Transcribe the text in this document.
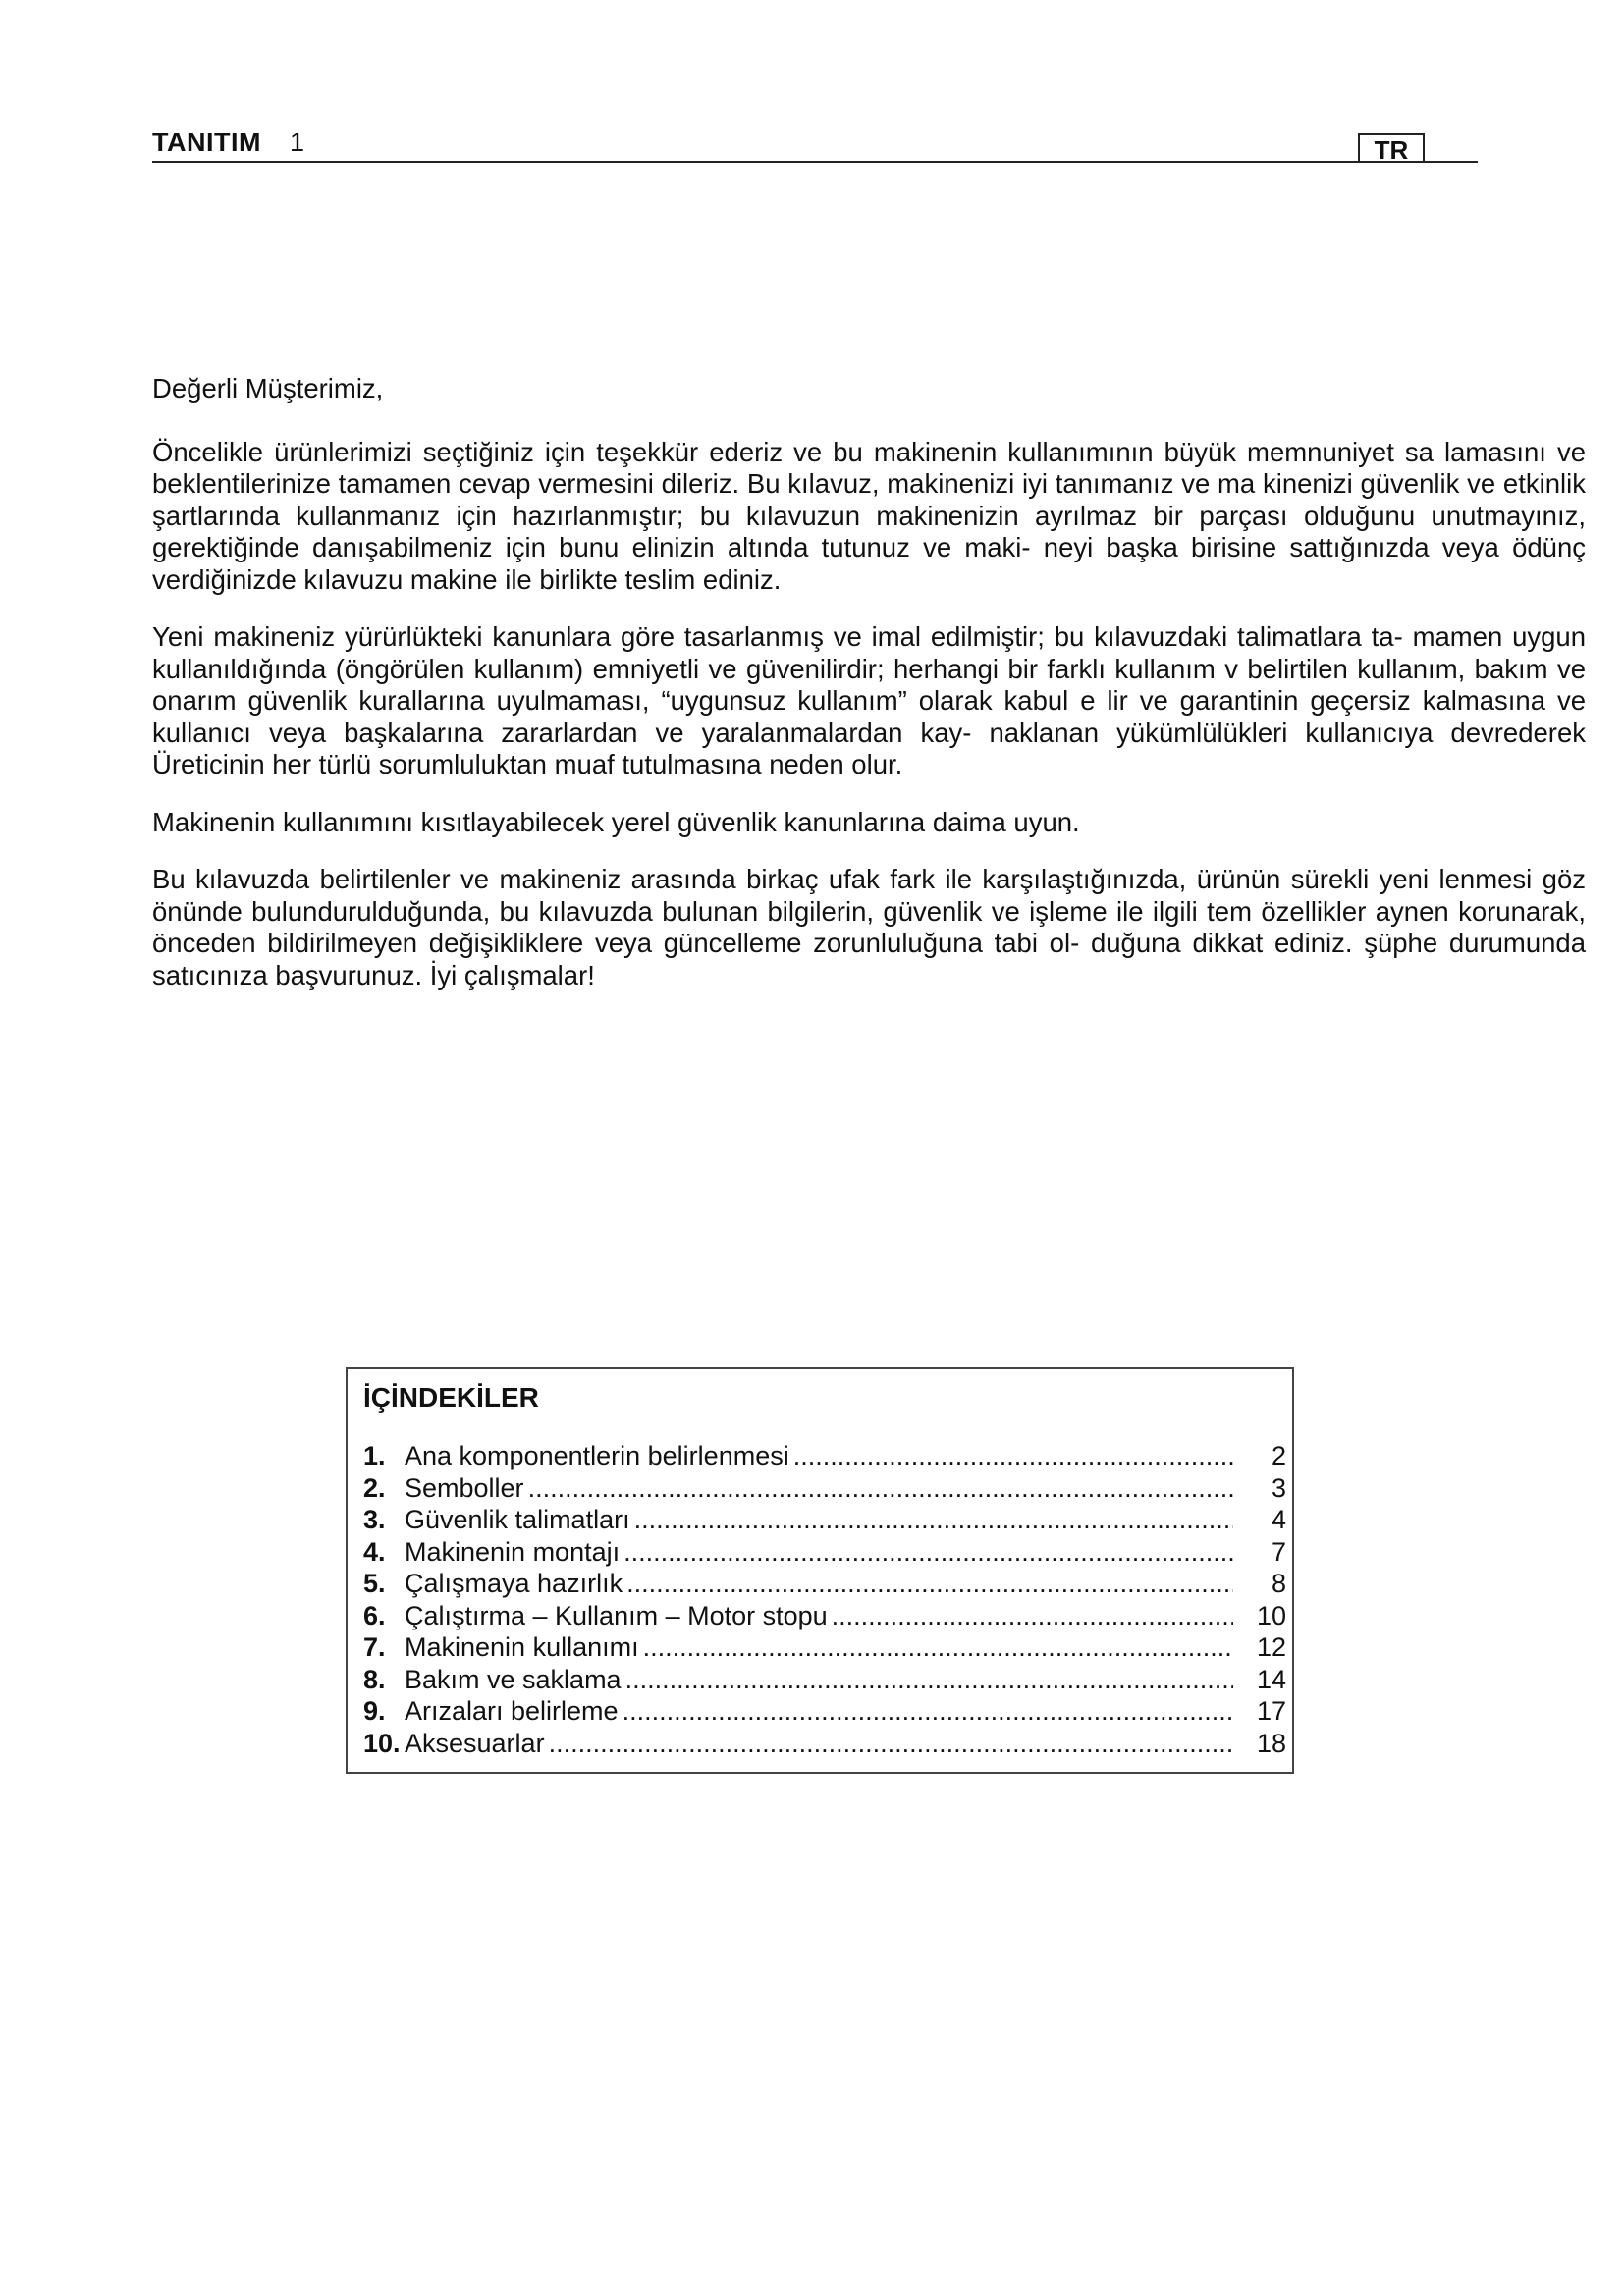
TANITIM 1	TR

Değerli Müşterimiz,

Öncelikle ürünlerimizi seçtiğiniz için teşekkür ederiz ve bu makinenin kullanımının büyük memnuniyet sa lamasını ve beklentilerinize tamamen cevap vermesini dileriz. Bu kılavuz, makinenizi iyi tanımanız ve ma kinenizi güvenlik ve etkinlik şartlarında kullanmanız için hazırlanmıştır; bu kılavuzun makinenizin ayrılmaz bir parçası olduğunu unutmayınız, gerektiğinde danışabilmeniz için bunu elinizin altında tutunuz ve maki- neyi başka birisine sattığınızda veya ödünç verdiğinizde kılavuzu makine ile birlikte teslim ediniz.

Yeni makineniz yürürlükteki kanunlara göre tasarlanmış ve imal edilmiştir; bu kılavuzdaki talimatlara ta- mamen uygun kullanıldığında (öngörülen kullanım) emniyetli ve güvenilirdir; herhangi bir farklı kullanım v belirtilen kullanım, bakım ve onarım güvenlik kurallarına uyulmaması, “uygunsuz kullanım” olarak kabul e lir ve garantinin geçersiz kalmasına ve kullanıcı veya başkalarına zararlardan ve yaralanmalardan kay- naklanan yükümlülükleri kullanıcıya devrederek Üreticinin her türlü sorumluluktan muaf tutulmasına neden olur.

Makinenin kullanımını kısıtlayabilecek yerel güvenlik kanunlarına daima uyun.

Bu kılavuzda belirtilenler ve makineniz arasında birkaç ufak fark ile karşılaştığınızda, ürünün sürekli yeni lenmesi göz önünde bulundurulduğunda, bu kılavuzda bulunan bilgilerin, güvenlik ve işleme ile ilgili tem özellikler aynen korunarak, önceden bildirilmeyen değişikliklere veya güncelleme zorunluluğuna tabi ol- duğuna dikkat ediniz. şüphe durumunda satıcınıza başvurunuz. İyi çalışmalar!

İÇİNDEKİLER
1. Ana komponentlerin belirlenmesi .....	2
2. Semboller .....	3
3. Güvenlik talimatları .....	4
4. Makinenin montajı .....	7
5. Çalışmaya hazırlık .....	8
6. Çalıştırma – Kullanım – Motor stopu .....	10
7. Makinenin kullanımı .....	12
8. Bakım ve saklama .....	14
9. Arızaları belirleme .....	17
10. Aksesuarlar .....	18
